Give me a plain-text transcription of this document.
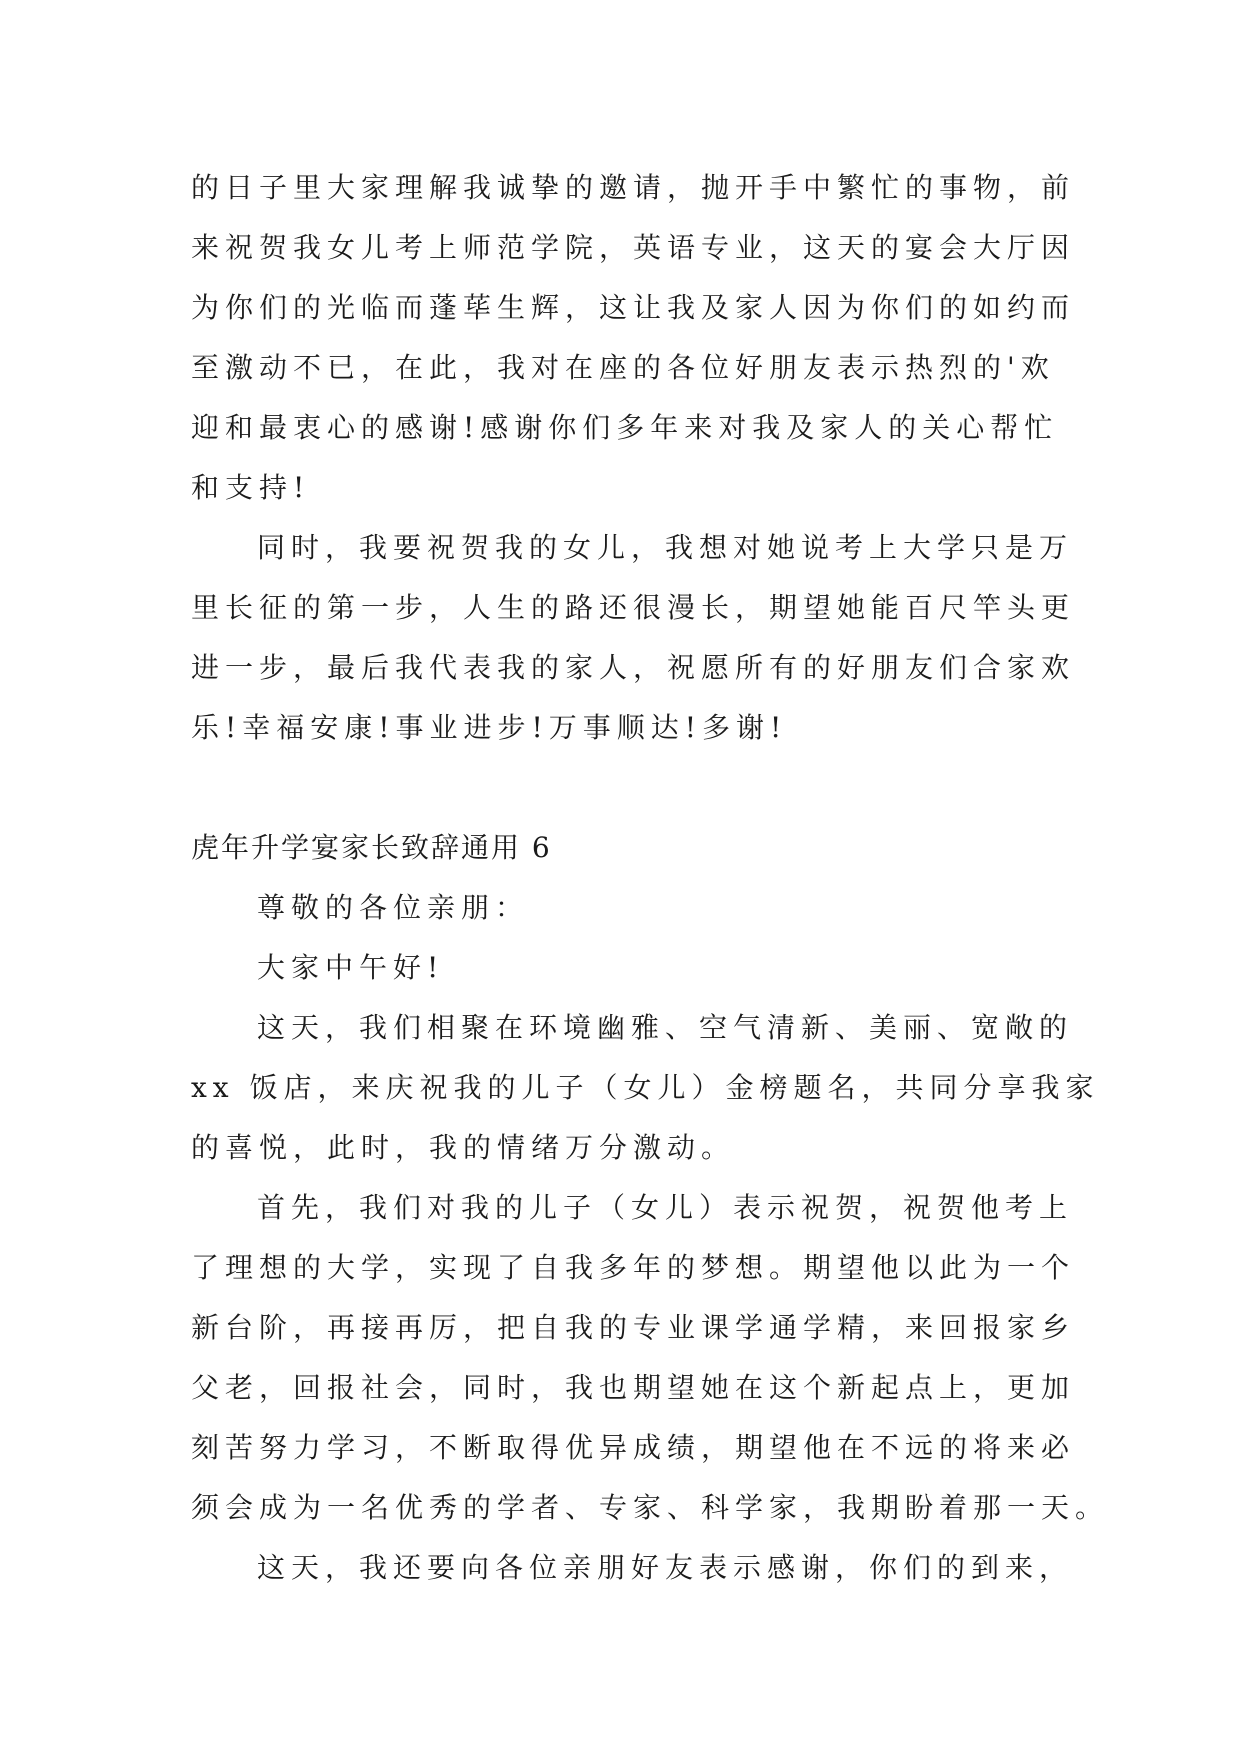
的日子里大家理解我诚挚的邀请，抛开手中繁忙的事物，前
来祝贺我女儿考上师范学院，英语专业，这天的宴会大厅因
为你们的光临而蓬荜生辉，这让我及家人因为你们的如约而
至激动不已，在此，我对在座的各位好朋友表示热烈的'欢
迎和最衷心的感谢!感谢你们多年来对我及家人的关心帮忙
和支持!
同时，我要祝贺我的女儿，我想对她说考上大学只是万
里长征的第一步，人生的路还很漫长，期望她能百尺竿头更
进一步，最后我代表我的家人，祝愿所有的好朋友们合家欢
乐!幸福安康!事业进步!万事顺达!多谢!
虎年升学宴家长致辞通用 6
尊敬的各位亲朋：
大家中午好!
这天，我们相聚在环境幽雅、空气清新、美丽、宽敞的
xx 饭店，来庆祝我的儿子（女儿）金榜题名，共同分享我家
的喜悦，此时，我的情绪万分激动。
首先，我们对我的儿子（女儿）表示祝贺，祝贺他考上
了理想的大学，实现了自我多年的梦想。期望他以此为一个
新台阶，再接再厉，把自我的专业课学通学精，来回报家乡
父老，回报社会，同时，我也期望她在这个新起点上，更加
刻苦努力学习，不断取得优异成绩，期望他在不远的将来必
须会成为一名优秀的学者、专家、科学家，我期盼着那一天。
这天，我还要向各位亲朋好友表示感谢，你们的到来，
